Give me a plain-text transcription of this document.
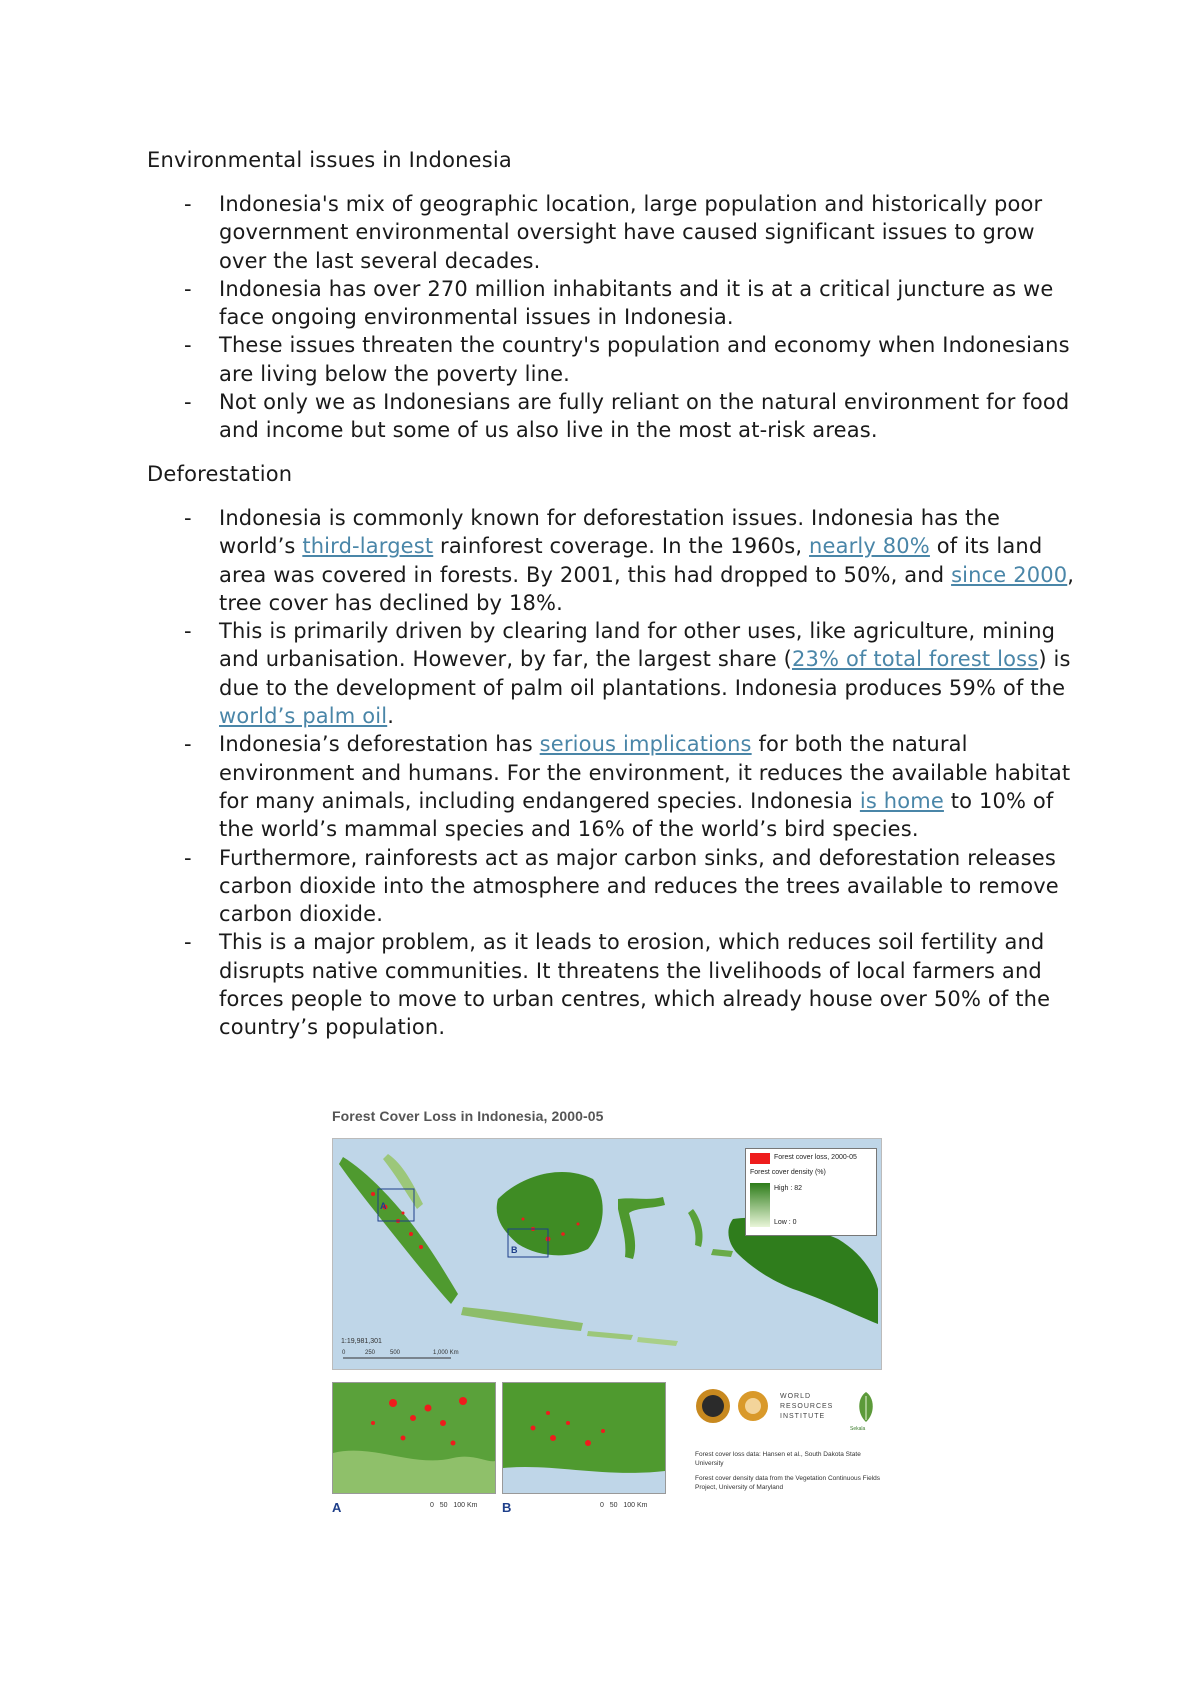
Environmental issues in Indonesia
- Indonesia's mix of geographic location, large population and historically poor government environmental oversight have caused significant issues to grow over the last several decades.
- Indonesia has over 270 million inhabitants and it is at a critical juncture as we face ongoing environmental issues in Indonesia.
- These issues threaten the country's population and economy when Indonesians are living below the poverty line.
- Not only we as Indonesians are fully reliant on the natural environment for food and income but some of us also live in the most at-risk areas.
Deforestation
- Indonesia is commonly known for deforestation issues. Indonesia has the world’s third-largest rainforest coverage. In the 1960s, nearly 80% of its land area was covered in forests. By 2001, this had dropped to 50%, and since 2000, tree cover has declined by 18%.
- This is primarily driven by clearing land for other uses, like agriculture, mining and urbanisation. However, by far, the largest share (23% of total forest loss) is due to the development of palm oil plantations. Indonesia produces 59% of the world’s palm oil.
- Indonesia’s deforestation has serious implications for both the natural environment and humans. For the environment, it reduces the available habitat for many animals, including endangered species. Indonesia is home to 10% of the world’s mammal species and 16% of the world’s bird species.
- Furthermore, rainforests act as major carbon sinks, and deforestation releases carbon dioxide into the atmosphere and reduces the trees available to remove carbon dioxide.
- This is a major problem, as it leads to erosion, which reduces soil fertility and disrupts native communities. It threatens the livelihoods of local farmers and forces people to move to urban centres, which already house over 50% of the country’s population.
Forest Cover Loss in Indonesia, 2000-05
A
B
1:19,981,301
0	250 500	1,000 Km
Forest cover loss, 2000-05
Forest cover density (%)
High : 82
Low : 0
A	0 50 100 Km B	0 50 100 Km
WORLD
RESOURCES
INSTITUTE
Sekala
Forest cover loss data: Hansen et al., South Dakota State University
Forest cover density data from the Vegetation Continuous Fields Project, University of Maryland
